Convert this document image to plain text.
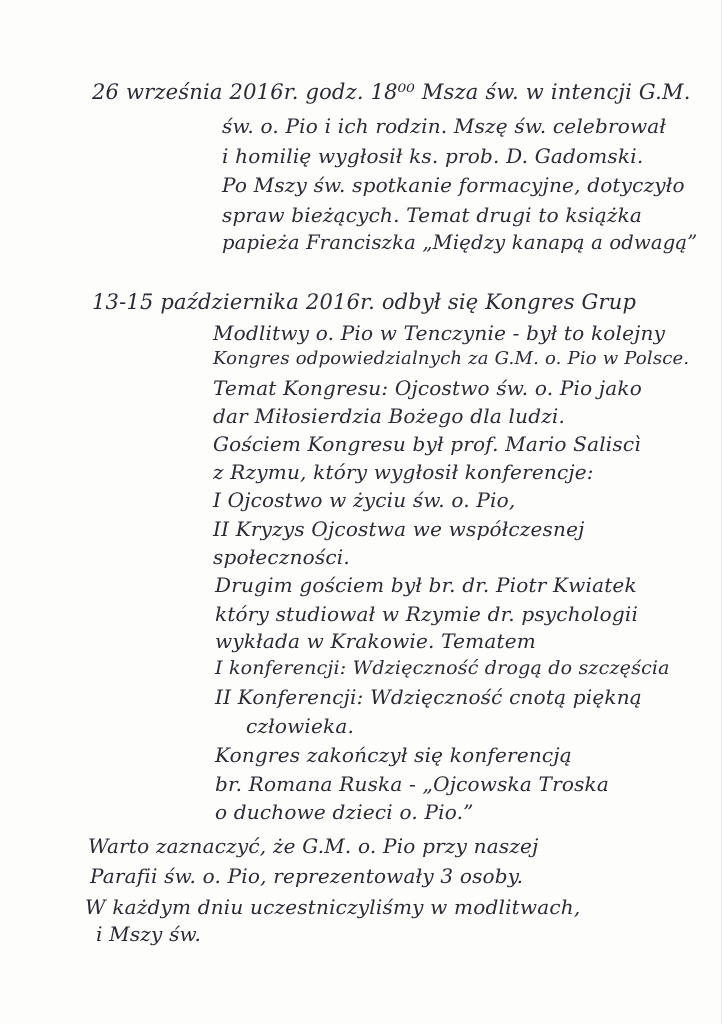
26 września 2016r. godz. 18⁰⁰ Msza św. w intencji G.M.
św. o. Pio i ich rodzin. Mszę św. celebrował
i homilię wygłosił ks. prob. D. Gadomski.
Po Mszy św. spotkanie formacyjne, dotyczyło
spraw bieżących. Temat drugi to książka
papieża Franciszka „Między kanapą a odwagą”
13-15 października 2016r. odbył się Kongres Grup
Modlitwy o. Pio w Tenczynie - był to kolejny
Kongres odpowiedzialnych za G.M. o. Pio w Polsce.
Temat Kongresu: Ojcostwo św. o. Pio jako
dar Miłosierdzia Bożego dla ludzi.
Gościem Kongresu był prof. Mario Saliscì
z Rzymu, który wygłosił konferencje:
I Ojcostwo w życiu św. o. Pio,
II Kryzys Ojcostwa we współczesnej
społeczności.
Drugim gościem był br. dr. Piotr Kwiatek
który studiował w Rzymie dr. psychologii
wykłada w Krakowie. Tematem
I konferencji: Wdzięczność drogą do szczęścia
II Konferencji: Wdzięczność cnotą piękną
człowieka.
Kongres zakończył się konferencją
br. Romana Ruska - „Ojcowska Troska
o duchowe dzieci o. Pio.”
Warto zaznaczyć, że G.M. o. Pio przy naszej
Parafii św. o. Pio, reprezentowały 3 osoby.
W każdym dniu uczestniczyliśmy w modlitwach,
i Mszy św.
